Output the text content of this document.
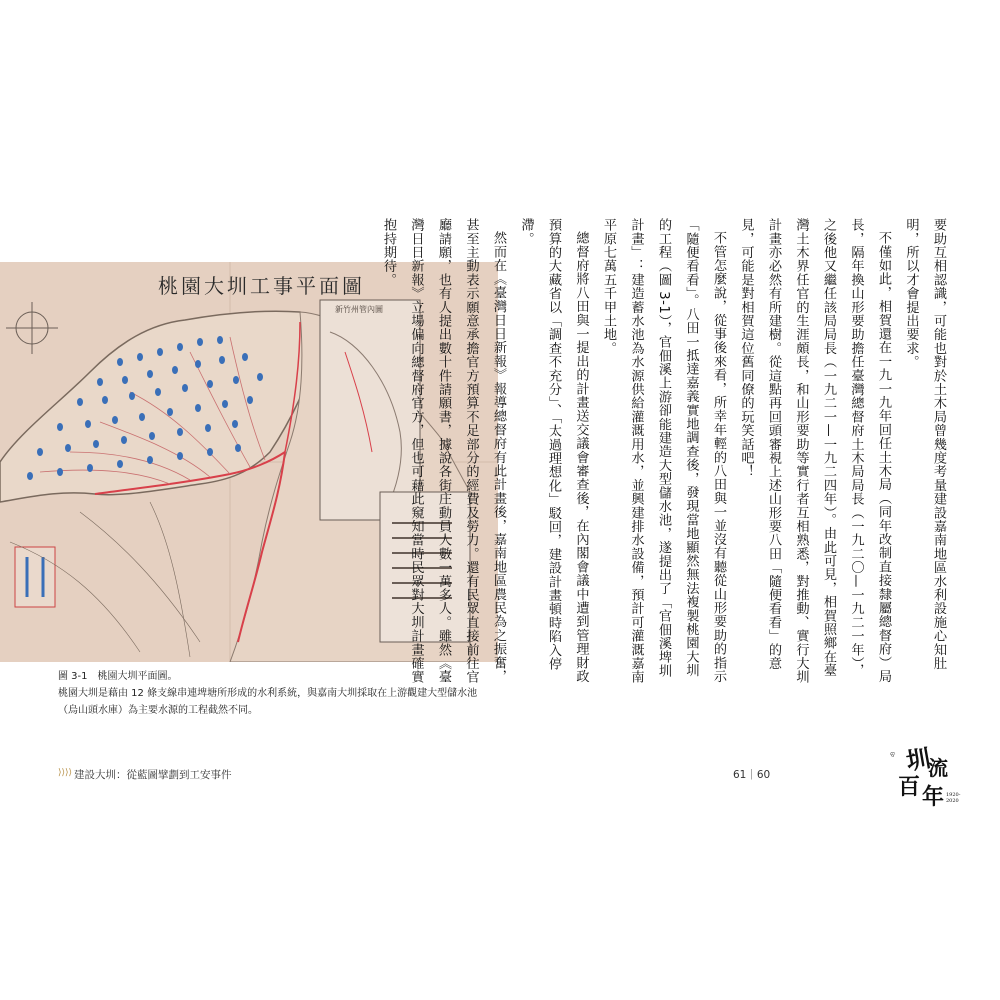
桃園大圳工事平面圖
新竹州管內圖
圖 3-1　桃園大圳平面圖。
桃園大圳是藉由 12 條支線串連埤塘所形成的水利系統，與嘉南大圳採取在上游觀建大型儲水池
（烏山頭水庫）為主要水源的工程截然不同。

要助互相認識，可能也對於土木局曾幾度考量建設嘉南地區水利設施心知肚明，所以才會提出要求。

不僅如此，相賀還在一九一九年回任土木局（同年改制直接隸屬總督府）局長，隔年換山形要助擔任臺灣總督府土木局局長（一九二〇—一九二一年），之後他又繼任該局局長（一九二一—一九二四年）。由此可見，相賀照鄉在臺灣土木界任官的生涯頗長，和山形要助等實行者互相熟悉，對推動、實行大圳計畫亦必然有所建樹。從這點再回頭審視上述山形要八田「隨便看看」的意見，可能是對相賀這位舊同僚的玩笑話吧！

不管怎麼說，從事後來看，所幸年輕的八田與一並沒有聽從山形要助的指示「隨便看看」。八田一抵達嘉義實地調查後，發現當地顯然無法複製桃園大圳的工程（圖 3-1），官佃溪上游卻能建造大型儲水池，遂提出了「官佃溪埤圳計畫」：建造蓄水池為水源供給灌溉用水，並興建排水設備，預計可灌溉嘉南平原七萬五千甲土地。

總督府將八田與一提出的計畫送交議會審查後，在內閣會議中遭到管理財政預算的大藏省以「調查不充分」、「太過理想化」駁回，建設計畫頓時陷入停滯。

然而在《臺灣日日新報》報導總督府有此計畫後，嘉南地區農民為之振奮，甚至主動表示願意承擔官方預算不足部分的經費及勞力。還有民眾直接前往官廳請願，也有人提出數十件請願書，據說各街庄動員人數一萬多人。雖然《臺灣日日新報》立場偏向總督府官方，但也可藉此窺知當時民眾對大圳計畫確實抱持期待。

⟩⟩⟩⟩ 建設大圳：從藍圖擘劃到工安事件	61｜60	圳
流
百 年 1920-2020
ଵ
